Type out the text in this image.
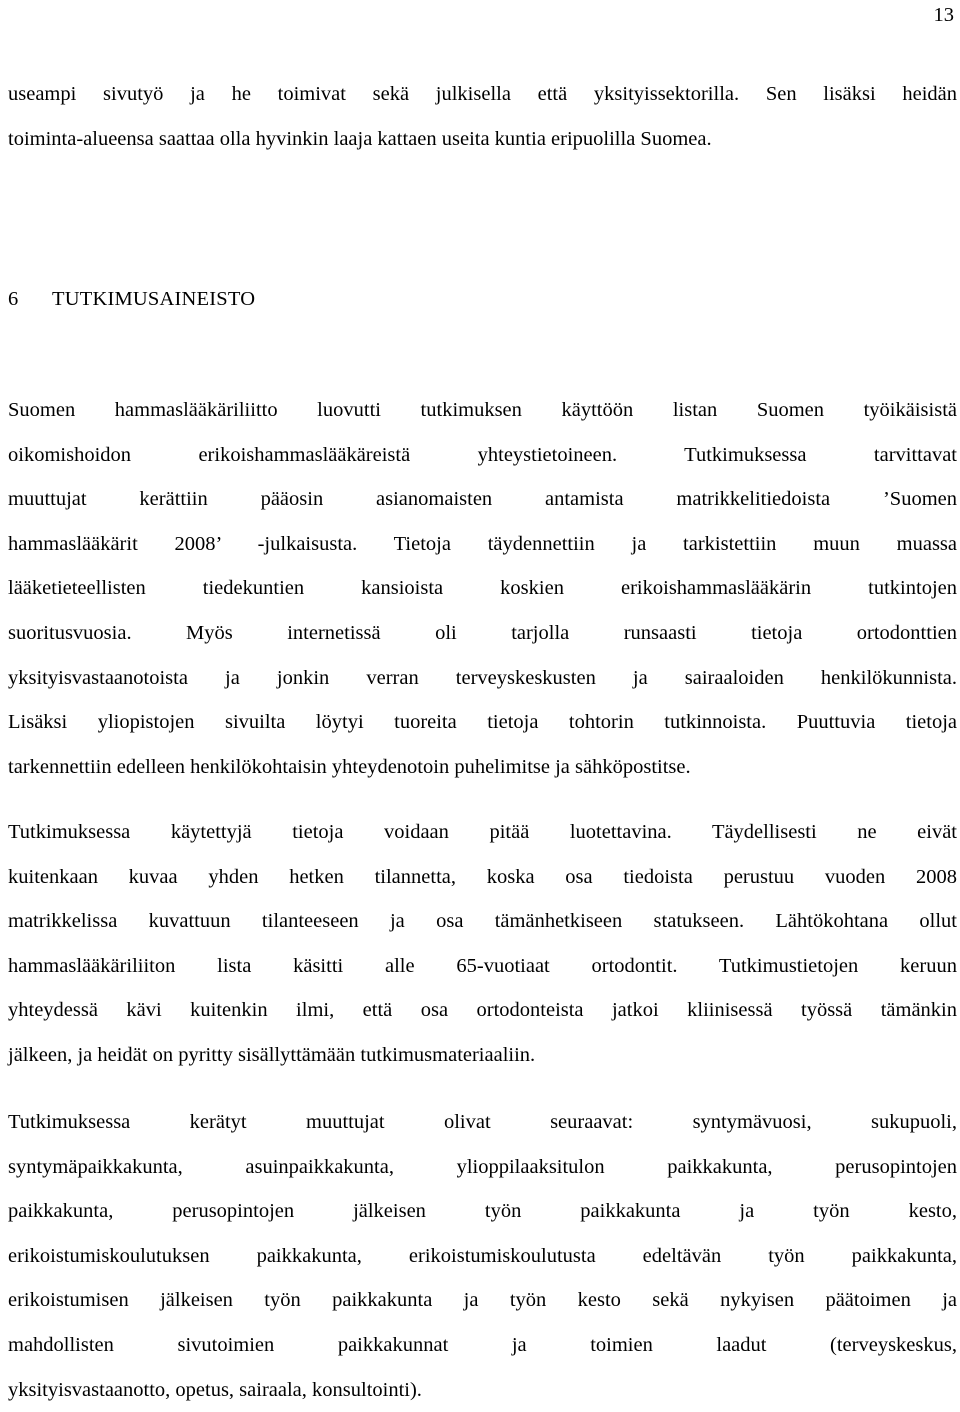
13

useampi sivutyö ja he toimivat sekä julkisella että yksityissektorilla. Sen lisäksi heidän
toiminta-alueensa saattaa olla hyvinkin laaja kattaen useita kuntia eripuolilla Suomea.

6 TUTKIMUSAINEISTO

Suomen hammaslääkäriliitto luovutti tutkimuksen käyttöön listan Suomen työikäisistä
oikomishoidon erikoishammaslääkäreistä yhteystietoineen. Tutkimuksessa tarvittavat
muuttujat kerättiin pääosin asianomaisten antamista matrikkelitiedoista ’Suomen
hammaslääkärit 2008’ -julkaisusta. Tietoja täydennettiin ja tarkistettiin muun muassa
lääketieteellisten tiedekuntien kansioista koskien erikoishammaslääkärin tutkintojen
suoritusvuosia. Myös internetissä oli tarjolla runsaasti tietoja ortodonttien
yksityisvastaanotoista ja jonkin verran terveyskeskusten ja sairaaloiden henkilökunnista.
Lisäksi yliopistojen sivuilta löytyi tuoreita tietoja tohtorin tutkinnoista. Puuttuvia tietoja
tarkennettiin edelleen henkilökohtaisin yhteydenotoin puhelimitse ja sähköpostitse.

Tutkimuksessa käytettyjä tietoja voidaan pitää luotettavina. Täydellisesti ne eivät
kuitenkaan kuvaa yhden hetken tilannetta, koska osa tiedoista perustuu vuoden 2008
matrikkelissa kuvattuun tilanteeseen ja osa tämänhetkiseen statukseen. Lähtökohtana ollut
hammaslääkäriliiton lista käsitti alle 65-vuotiaat ortodontit. Tutkimustietojen keruun
yhteydessä kävi kuitenkin ilmi, että osa ortodonteista jatkoi kliinisessä työssä tämänkin
jälkeen, ja heidät on pyritty sisällyttämään tutkimusmateriaaliin.

Tutkimuksessa kerätyt muuttujat olivat seuraavat: syntymävuosi, sukupuoli,
syntymäpaikkakunta, asuinpaikkakunta, ylioppilaaksitulon paikkakunta, perusopintojen
paikkakunta, perusopintojen jälkeisen työn paikkakunta ja työn kesto,
erikoistumiskoulutuksen paikkakunta, erikoistumiskoulutusta edeltävän työn paikkakunta,
erikoistumisen jälkeisen työn paikkakunta ja työn kesto sekä nykyisen päätoimen ja
mahdollisten sivutoimien paikkakunnat ja toimien laadut (terveyskeskus,
yksityisvastaanotto, opetus, sairaala, konsultointi).
